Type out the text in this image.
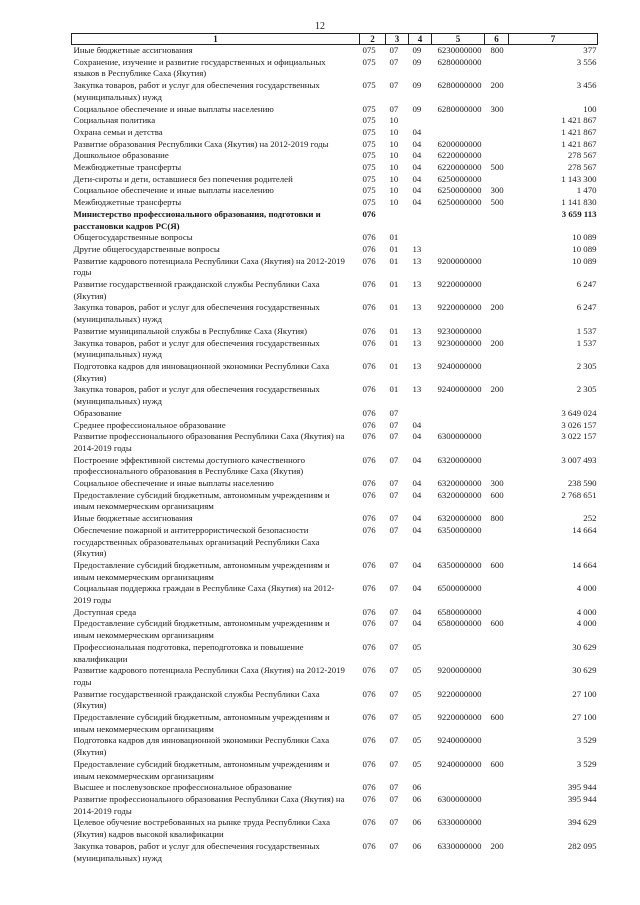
12
1	2	3	4	5	6	7
Иные бюджетные ассигнования	075	07	09	6230000000	800	377
Сохранение, изучение и развитие государственных и официальных
языков в Республике Саха (Якутия)	075	07	09	6280000000		3 556
Закупка товаров, работ и услуг для обеспечения государственных
(муниципальных) нужд	075	07	09	6280000000	200	3 456
Социальное обеспечение и иные выплаты населению	075	07	09	6280000000	300	100
Социальная политика	075	10				1 421 867
Охрана семьи и детства	075	10	04			1 421 867
Развитие образования Республики Саха (Якутия) на 2012-2019 годы	075	10	04	6200000000		1 421 867

Дошкольное образование	075	10	04	6220000000		278 567
Межбюджетные трансферты	075	10	04	6220000000	500	278 567
Дети-сироты и дети, оставшиеся без попечения родителей	075	10	04	6250000000		1 143 300
Социальное обеспечение и иные выплаты населению	075	10	04	6250000000	300	1 470
Межбюджетные трансферты	075	10	04	6250000000	500	1 141 830
Министерство профессионального образования, подготовки и
расстановки кадров РС(Я)	076					3 659 113
Общегосударственные вопросы	076	01				10 089
Другие общегосударственные вопросы	076	01	13			10 089
Развитие кадрового потенциала Республики Саха (Якутия) на 2012-2019
годы	076	01	13	9200000000		10 089
Развитие государственной гражданской службы Республики Саха
(Якутия)	076	01	13	9220000000		6 247
Закупка товаров, работ и услуг для обеспечения государственных
(муниципальных) нужд	076	01	13	9220000000	200	6 247
Развитие муниципальной службы в Республике Саха (Якутия)	076	01	13	9230000000		1 537
Закупка товаров, работ и услуг для обеспечения государственных
(муниципальных) нужд	076	01	13	9230000000	200	1 537
Подготовка кадров для инновационной экономики Республики Саха
(Якутия)	076	01	13	9240000000		2 305
Закупка товаров, работ и услуг для обеспечения государственных
(муниципальных) нужд	076	01	13	9240000000	200	2 305
Образование	076	07				3 649 024
Среднее профессиональное образование	076	07	04			3 026 157
Развитие профессионального образования Республики Саха (Якутия) на
2014-2019 годы	076	07	04	6300000000		3 022 157
Построение эффективной системы доступного качественного
профессионального образования в Республике Саха (Якутия)	076	07	04	6320000000		3 007 493
Социальное обеспечение и иные выплаты населению	076	07	04	6320000000	300	238 590
Предоставление субсидий бюджетным, автономным учреждениям и
иным некоммерческим организациям	076	07	04	6320000000	600	2 768 651
Иные бюджетные ассигнования	076	07	04	6320000000	800	252
Обеспечение пожарной и антитеррористической безопасности
государственных образовательных организаций Республики Саха
(Якутия)	076	07	04	6350000000		14 664
Предоставление субсидий бюджетным, автономным учреждениям и
иным некоммерческим организациям	076	07	04	6350000000	600	14 664
Социальная поддержка граждан в Республике Саха (Якутия) на 2012-
2019 годы	076	07	04	6500000000		4 000
Доступная среда	076	07	04	6580000000		4 000
Предоставление субсидий бюджетным, автономным учреждениям и
иным некоммерческим организациям	076	07	04	6580000000	600	4 000
Профессиональная подготовка, переподготовка и повышение
квалификации	076	07	05			30 629
Развитие кадрового потенциала Республики Саха (Якутия) на 2012-2019
годы	076	07	05	9200000000		30 629
Развитие государственной гражданской службы Республики Саха
(Якутия)	076	07	05	9220000000		27 100
Предоставление субсидий бюджетным, автономным учреждениям и
иным некоммерческим организациям	076	07	05	9220000000	600	27 100
Подготовка кадров для инновационной экономики Республики Саха
(Якутия)	076	07	05	9240000000		3 529
Предоставление субсидий бюджетным, автономным учреждениям и
иным некоммерческим организациям	076	07	05	9240000000	600	3 529
Высшее и послевузовское профессиональное образование	076	07	06			395 944
Развитие профессионального образования Республики Саха (Якутия) на
2014-2019 годы	076	07	06	6300000000		395 944
Целевое обучение востребованных на рынке труда Республики Саха
(Якутия) кадров высокой квалификации	076	07	06	6330000000		394 629
Закупка товаров, работ и услуг для обеспечения государственных
(муниципальных) нужд	076	07	06	6330000000	200	282 095
